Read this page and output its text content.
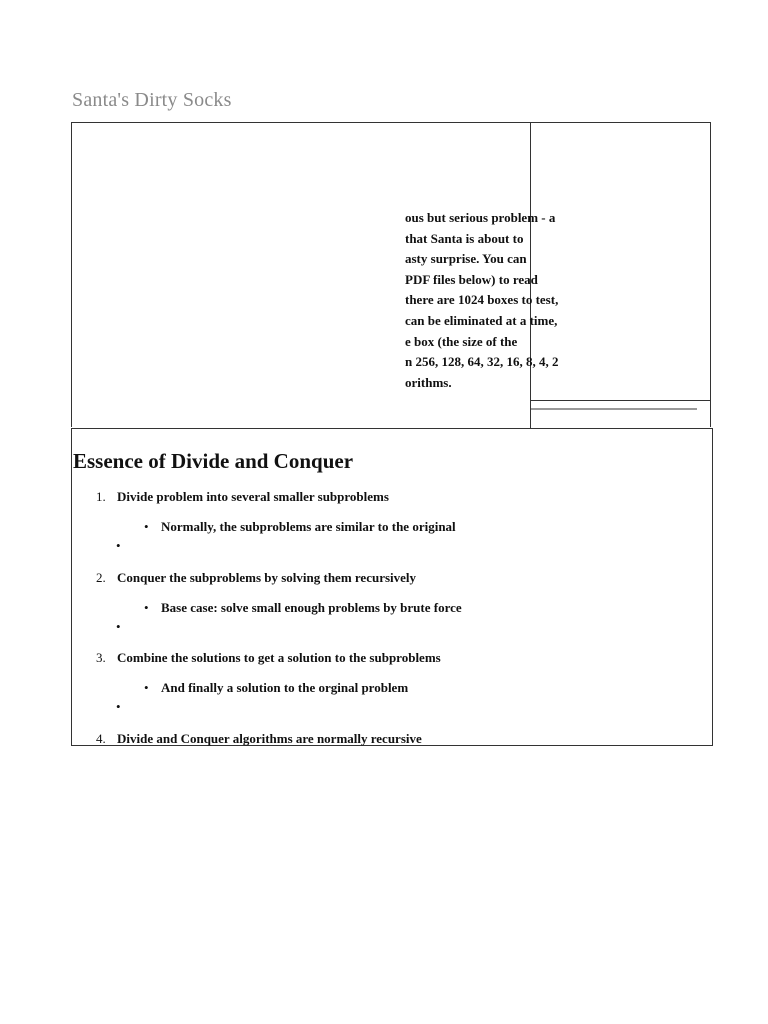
Santa's Dirty Socks
ous but serious problem - a
that Santa is about to
asty surprise. You can
PDF files below) to read
there are 1024 boxes to test,
can be eliminated at a time,
e box (the size of the
n 256, 128, 64, 32, 16, 8, 4, 2
orithms.
Essence of Divide and Conquer
1. Divide problem into several smaller subproblems
• Normally, the subproblems are similar to the original
•
2. Conquer the subproblems by solving them recursively
• Base case: solve small enough problems by brute force
•
3. Combine the solutions to get a solution to the subproblems
• And finally a solution to the orginal problem
•
4. Divide and Conquer algorithms are normally recursive
